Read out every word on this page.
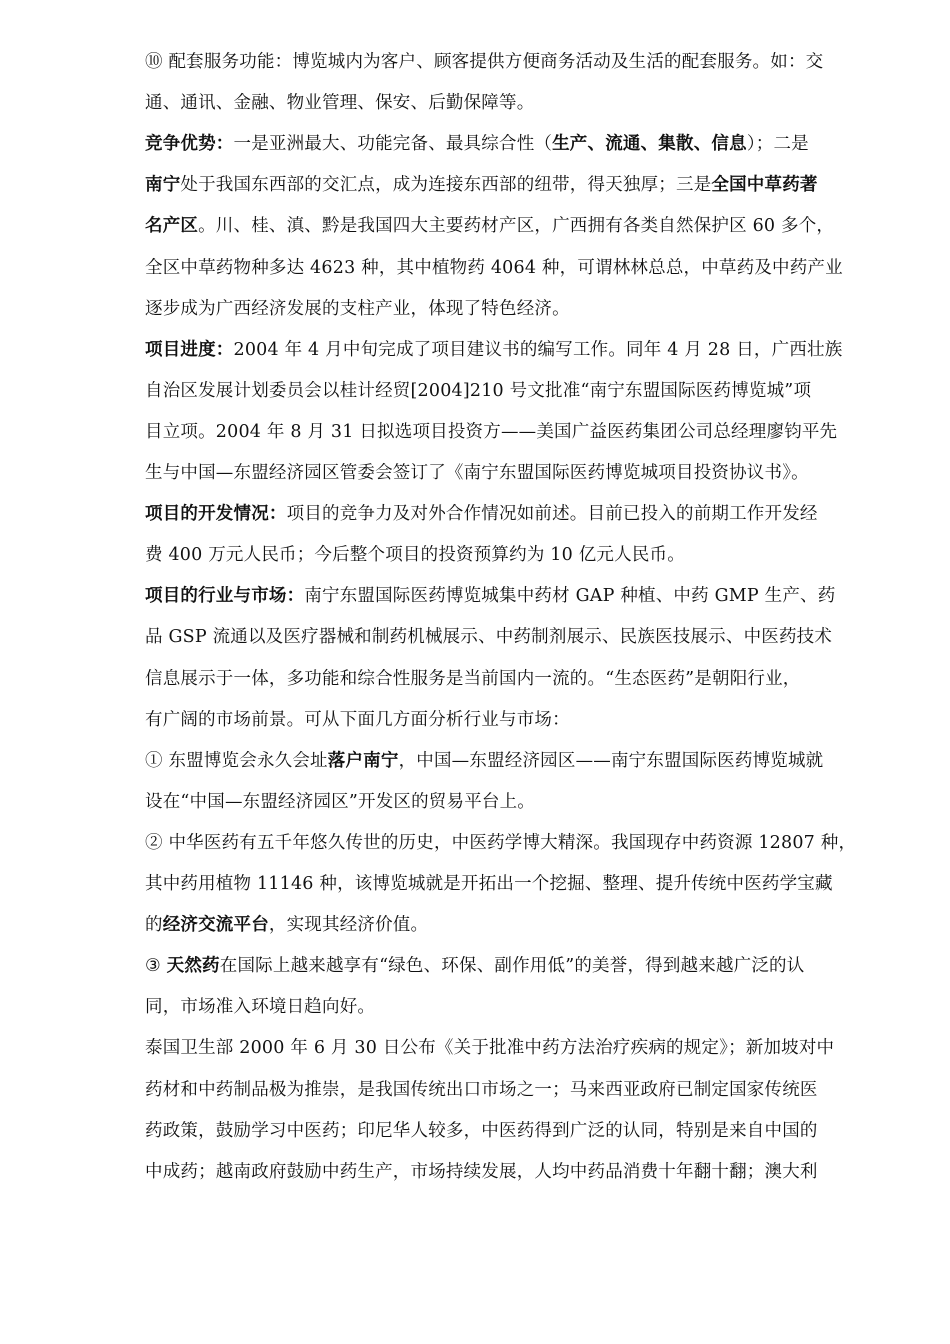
⑩ 配套服务功能：博览城内为客户、顾客提供方便商务活动及生活的配套服务。如：交
通、通讯、金融、物业管理、保安、后勤保障等。
竞争优势：一是亚洲最大、功能完备、最具综合性（生产、流通、集散、信息）；二是
南宁处于我国东西部的交汇点，成为连接东西部的纽带，得天独厚；三是全国中草药著
名产区。川、桂、滇、黔是我国四大主要药材产区，广西拥有各类自然保护区 60 多个，
全区中草药物种多达 4623 种，其中植物药 4064 种，可谓林林总总，中草药及中药产业
逐步成为广西经济发展的支柱产业，体现了特色经济。
项目进度：2004 年 4 月中旬完成了项目建议书的编写工作。同年 4 月 28 日，广西壮族
自治区发展计划委员会以桂计经贸[2004]210 号文批准“南宁东盟国际医药博览城”项
目立项。2004 年 8 月 31 日拟选项目投资方——美国广益医药集团公司总经理廖钧平先
生与中国—东盟经济园区管委会签订了《南宁东盟国际医药博览城项目投资协议书》。
项目的开发情况：项目的竞争力及对外合作情况如前述。目前已投入的前期工作开发经
费 400 万元人民币；今后整个项目的投资预算约为 10 亿元人民币。
项目的行业与市场：南宁东盟国际医药博览城集中药材 GAP 种植、中药 GMP 生产、药
品 GSP 流通以及医疗器械和制药机械展示、中药制剂展示、民族医技展示、中医药技术
信息展示于一体，多功能和综合性服务是当前国内一流的。“生态医药”是朝阳行业，
有广阔的市场前景。可从下面几方面分析行业与市场：
① 东盟博览会永久会址落户南宁，中国—东盟经济园区——南宁东盟国际医药博览城就
设在“中国—东盟经济园区”开发区的贸易平台上。
② 中华医药有五千年悠久传世的历史，中医药学博大精深。我国现存中药资源 12807 种，
其中药用植物 11146 种，该博览城就是开拓出一个挖掘、整理、提升传统中医药学宝藏
的经济交流平台，实现其经济价值。
③ 天然药在国际上越来越享有“绿色、环保、副作用低”的美誉，得到越来越广泛的认
同，市场准入环境日趋向好。
泰国卫生部 2000 年 6 月 30 日公布《关于批准中药方法治疗疾病的规定》；新加坡对中
药材和中药制品极为推崇，是我国传统出口市场之一；马来西亚政府已制定国家传统医
药政策，鼓励学习中医药；印尼华人较多，中医药得到广泛的认同，特别是来自中国的
中成药；越南政府鼓励中药生产，市场持续发展，人均中药品消费十年翻十翻；澳大利
